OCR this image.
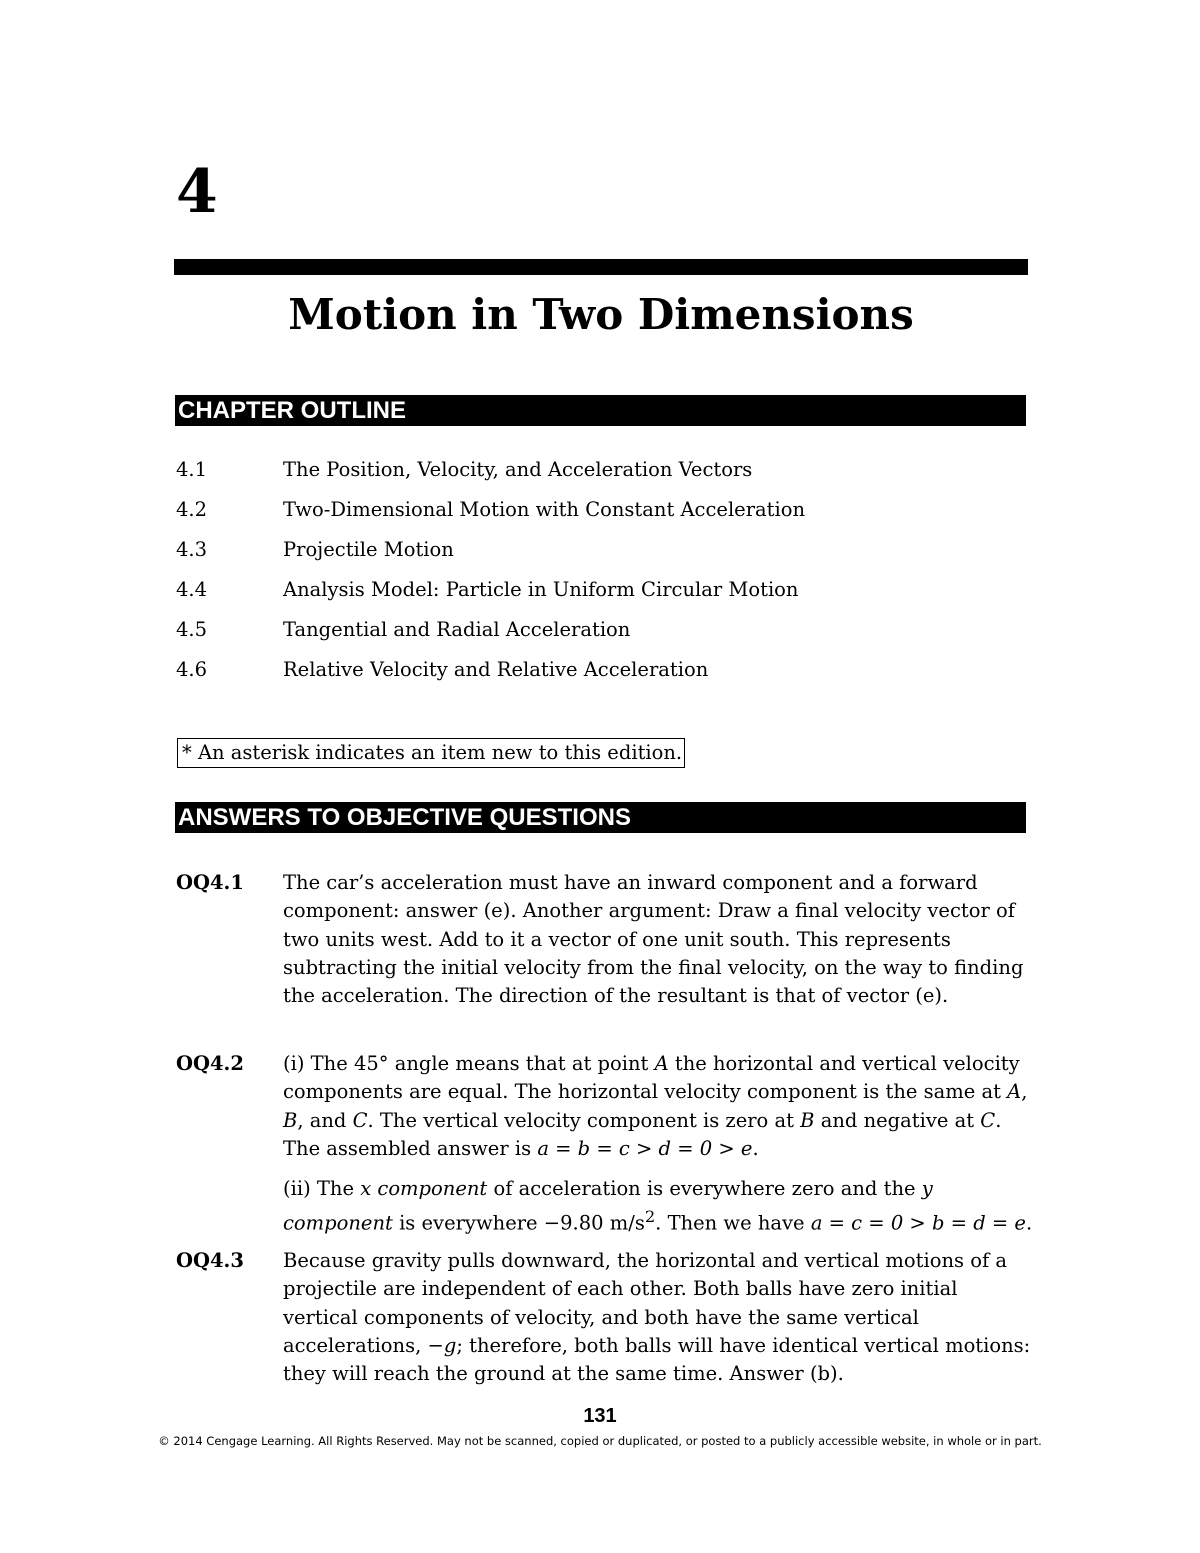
4
Motion in Two Dimensions
CHAPTER OUTLINE
4.1	The Position, Velocity, and Acceleration Vectors
4.2	Two-Dimensional Motion with Constant Acceleration
4.3	Projectile Motion
4.4	Analysis Model: Particle in Uniform Circular Motion
4.5	Tangential and Radial Acceleration
4.6	Relative Velocity and Relative Acceleration
* An asterisk indicates an item new to this edition.
ANSWERS TO OBJECTIVE QUESTIONS
OQ4.1	The car’s acceleration must have an inward component and a forward component: answer (e). Another argument: Draw a final velocity vector of two units west. Add to it a vector of one unit south. This represents subtracting the initial velocity from the final velocity, on the way to finding the acceleration. The direction of the resultant is that of vector (e).

OQ4.2	(i) The 45° angle means that at point A the horizontal and vertical velocity components are equal. The horizontal velocity component is the same at A, B, and C. The vertical velocity component is zero at B and negative at C. The assembled answer is a = b = c > d = 0 > e.

(ii) The x component of acceleration is everywhere zero and the y component is everywhere −9.80 $m/s^2$. Then we have a = c = 0 > b = d = e.

OQ4.3	Because gravity pulls downward, the horizontal and vertical motions of a projectile are independent of each other. Both balls have zero initial vertical components of velocity, and both have the same vertical accelerations, −g; therefore, both balls will have identical vertical motions: they will reach the ground at the same time. Answer (b).

131
© 2014 Cengage Learning. All Rights Reserved. May not be scanned, copied or duplicated, or posted to a publicly accessible website, in whole or in part.
